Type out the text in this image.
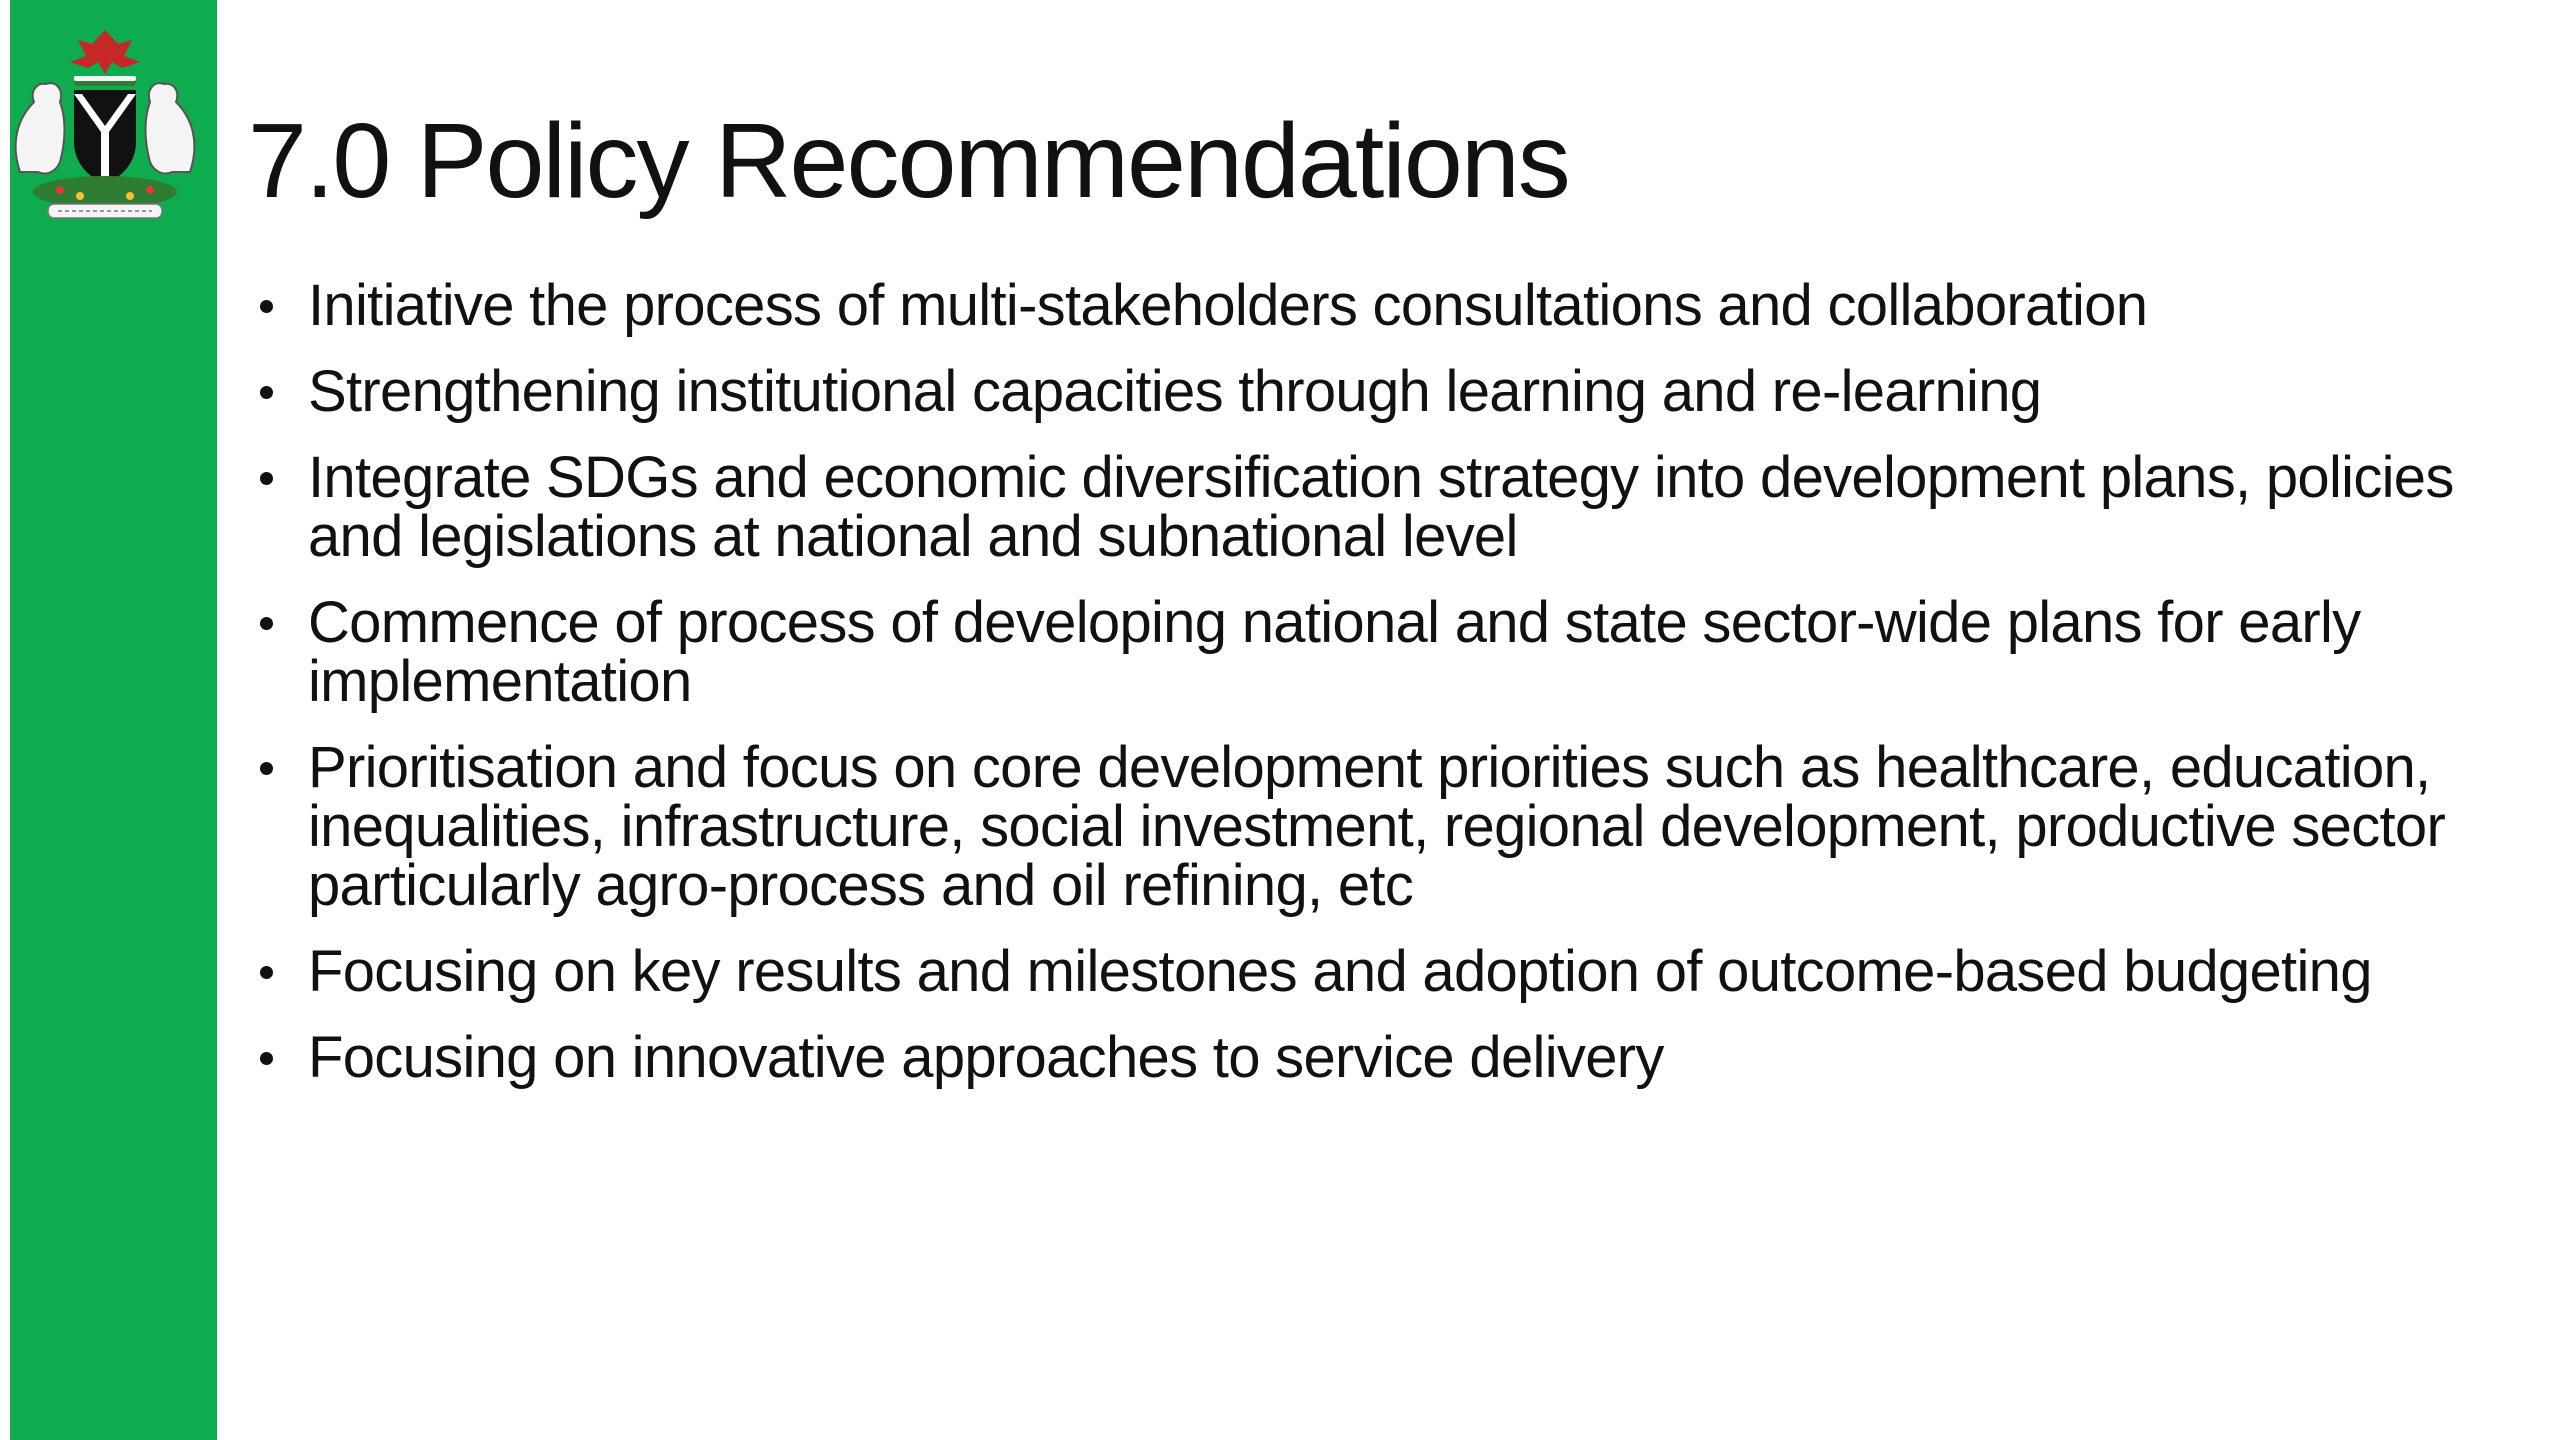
7.0 Policy Recommendations
Initiative the process of multi-stakeholders consultations and collaboration
Strengthening institutional capacities through learning and re-learning
Integrate SDGs and economic diversification strategy into development plans, policies and legislations at national and subnational level
Commence of process of developing national and state sector-wide plans for early implementation
Prioritisation and focus on core development priorities such as healthcare, education, inequalities, infrastructure, social investment, regional development, productive sector particularly agro-process and oil refining, etc
Focusing on key results and milestones and adoption of outcome-based budgeting
Focusing on innovative approaches to service delivery
